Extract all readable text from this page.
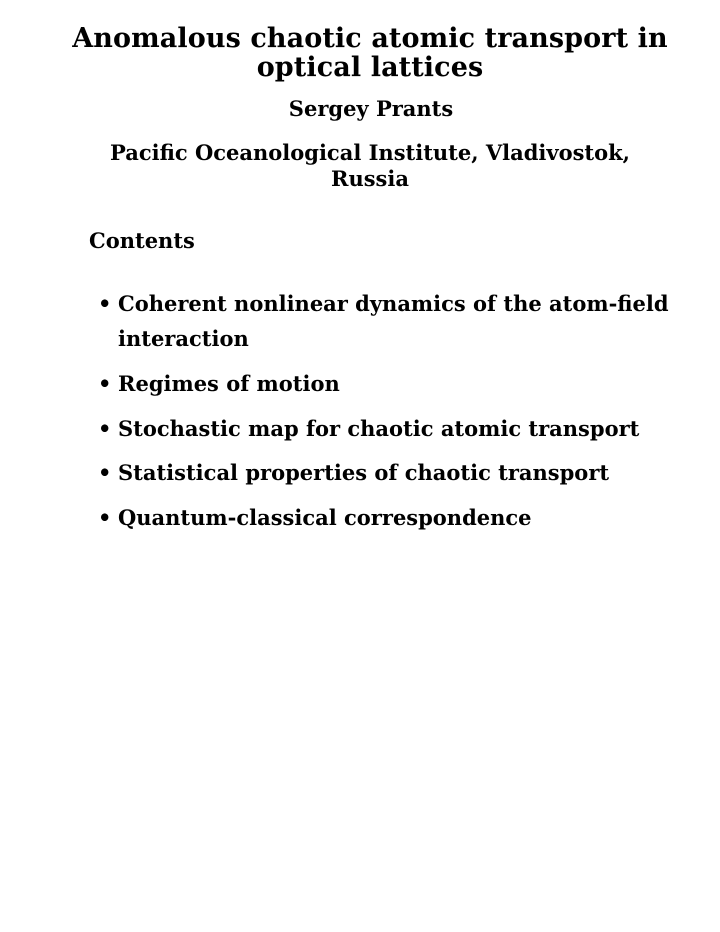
Anomalous chaotic atomic transport in optical lattices
Sergey Prants
Pacific Oceanological Institute, Vladivostok, Russia
Contents
• Coherent nonlinear dynamics of the atom-field interaction
• Regimes of motion
• Stochastic map for chaotic atomic transport
• Statistical properties of chaotic transport
• Quantum-classical correspondence
